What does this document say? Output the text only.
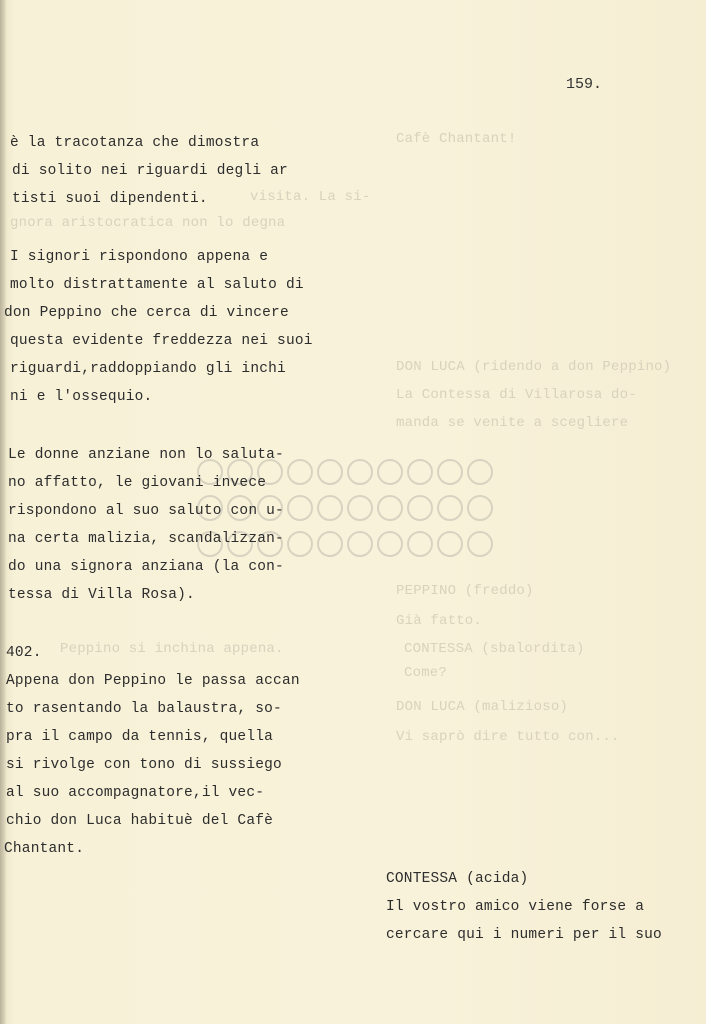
Cafè Chantant!
visita. La si-
gnora aristocratica non lo degna
DON LUCA (ridendo a don Peppino)
La Contessa di Villarosa do-
manda se venite a scegliere
PEPPINO (freddo)
Già fatto.
CONTESSA (sbalordita)
Come?
DON LUCA (malizioso)
Vi saprò dire tutto con...
Peppino si inchina appena.
159.
è la tracotanza che dimostra
di solito nei riguardi degli ar
tisti suoi dipendenti.
I signori rispondono appena e
molto distrattamente al saluto di
don Peppino che cerca di vincere
questa evidente freddezza nei suoi
riguardi,raddoppiando gli inchi
ni e l'ossequio.
Le donne anziane non lo saluta-
no affatto, le giovani invece
rispondono al suo saluto con u-
na certa malizia, scandalizzan-
do una signora anziana (la con-
tessa di Villa Rosa).
402.
Appena don Peppino le passa accan
to rasentando la balaustra, so-
pra il campo da tennis, quella
si rivolge con tono di sussiego
al suo accompagnatore,il vec-
chio don Luca habituè del Cafè
Chantant.
CONTESSA (acida)
Il vostro amico viene forse a
cercare qui i numeri per il suo
